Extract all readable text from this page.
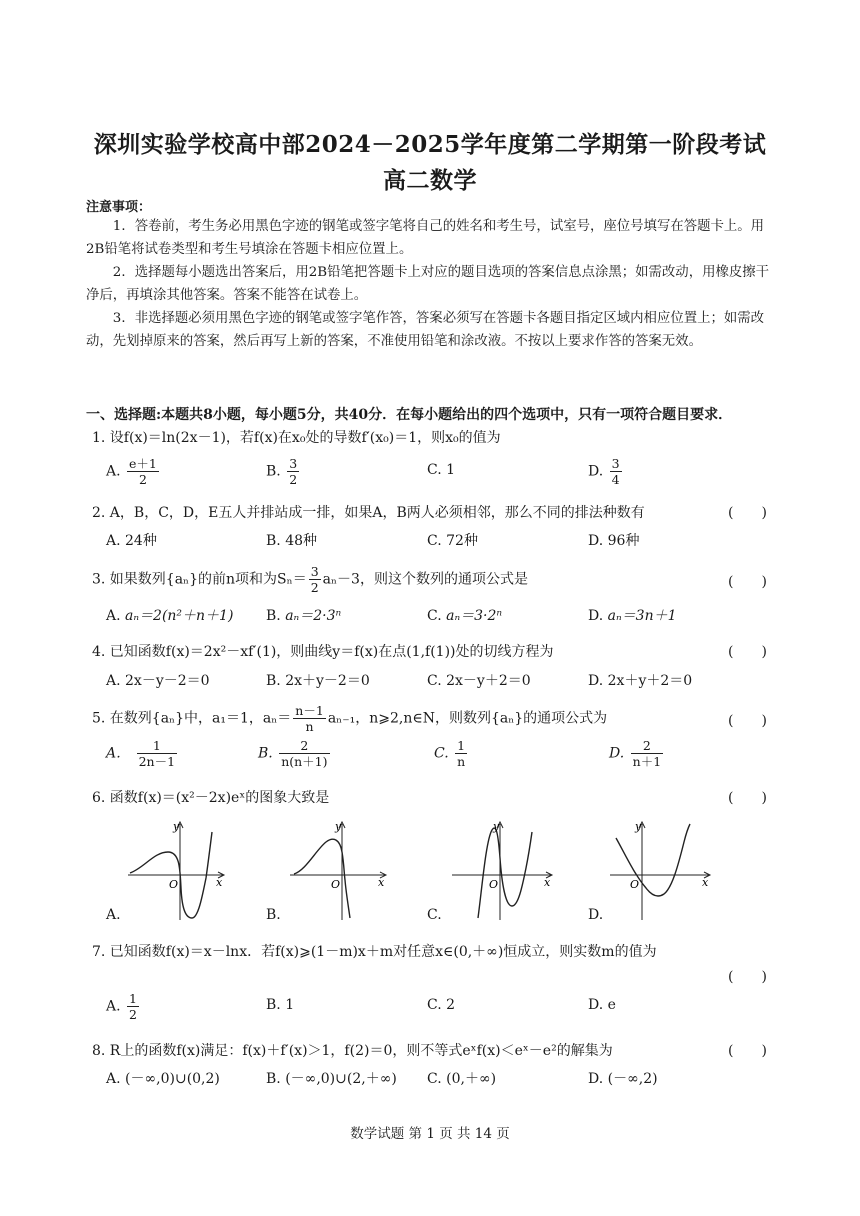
深圳实验学校高中部2024－2025学年度第二学期第一阶段考试
高二数学
注意事项：
1．答卷前，考生务必用黑色字迹的钢笔或签字笔将自己的姓名和考生号，试室号，座位号填写在答题卡上。用2B铅笔将试卷类型和考生号填涂在答题卡相应位置上。
2．选择题每小题选出答案后，用2B铅笔把答题卡上对应的题目选项的答案信息点涂黑；如需改动，用橡皮擦干净后，再填涂其他答案。答案不能答在试卷上。
3．非选择题必须用黑色字迹的钢笔或签字笔作答，答案必须写在答题卡各题目指定区域内相应位置上；如需改动，先划掉原来的答案，然后再写上新的答案，不准使用铅笔和涂改液。不按以上要求作答的答案无效。
一、选择题:本题共8小题，每小题5分，共40分．在每小题给出的四个选项中，只有一项符合题目要求．
1. 设f(x)＝ln(2x－1)，若f(x)在x₀处的导数f′(x₀)＝1，则x₀的值为
A. $\frac{e+1}{2}$	B. $\frac{3}{2}$	C. 1	D. $\frac{3}{4}$
2. A，B，C，D，E五人并排站成一排，如果A，B两人必须相邻，那么不同的排法种数有	(　　)
A. 24种	B. 48种	C. 72种	D. 96种
3. 如果数列{aₙ}的前n项和为$S_n= \frac{3}{2} a_n-3$，则这个数列的通项公式是	(　　)
A. aₙ＝2(n²＋n＋1) B. aₙ＝2·3ⁿ	C. aₙ＝3·2ⁿ	D. aₙ＝3n＋1
4. 已知函数f(x)＝2x²－xf′(1)，则曲线y＝f(x)在点(1,f(1))处的切线方程为	(　　)
A. 2x－y－2＝0	B. 2x＋y－2＝0	C. 2x－y＋2＝0	D. 2x＋y＋2＝0
5. 在数列{aₙ}中，a₁＝1，$a_n= \frac{n-1}{n} a_{n-1}$，n⩾2,n∈N，则数列{aₙ}的通项公式为	(　　)
A． $\frac{1}{2n-1}$	B. $\frac{2}{n(n+1)}$	C. $\frac{1}{n}$	D. $\frac{2}{n+1}$
6. 函数f(x)＝(x²－2x)eˣ的图象大致是	(　　)
y
x
O
A.
y
x
O
B.
y
x
O
C.
y
x
O
D.
7. 已知函数f(x)＝x－lnx．若f(x)⩾(1－m)x＋m对任意x∈(0,＋∞)恒成立，则实数m的值为
(　　)
A. $\frac{1}{2}$	B. 1	C. 2	D. e
8. R上的函数f(x)满足：f(x)＋f′(x)＞1，f(2)＝0，则不等式eˣf(x)＜eˣ－e²的解集为	(　　)
A. (－∞,0)∪(0,2)	B. (－∞,0)∪(2,＋∞) C. (0,＋∞)	D. (－∞,2)
数学试题 第 1 页 共 14 页
